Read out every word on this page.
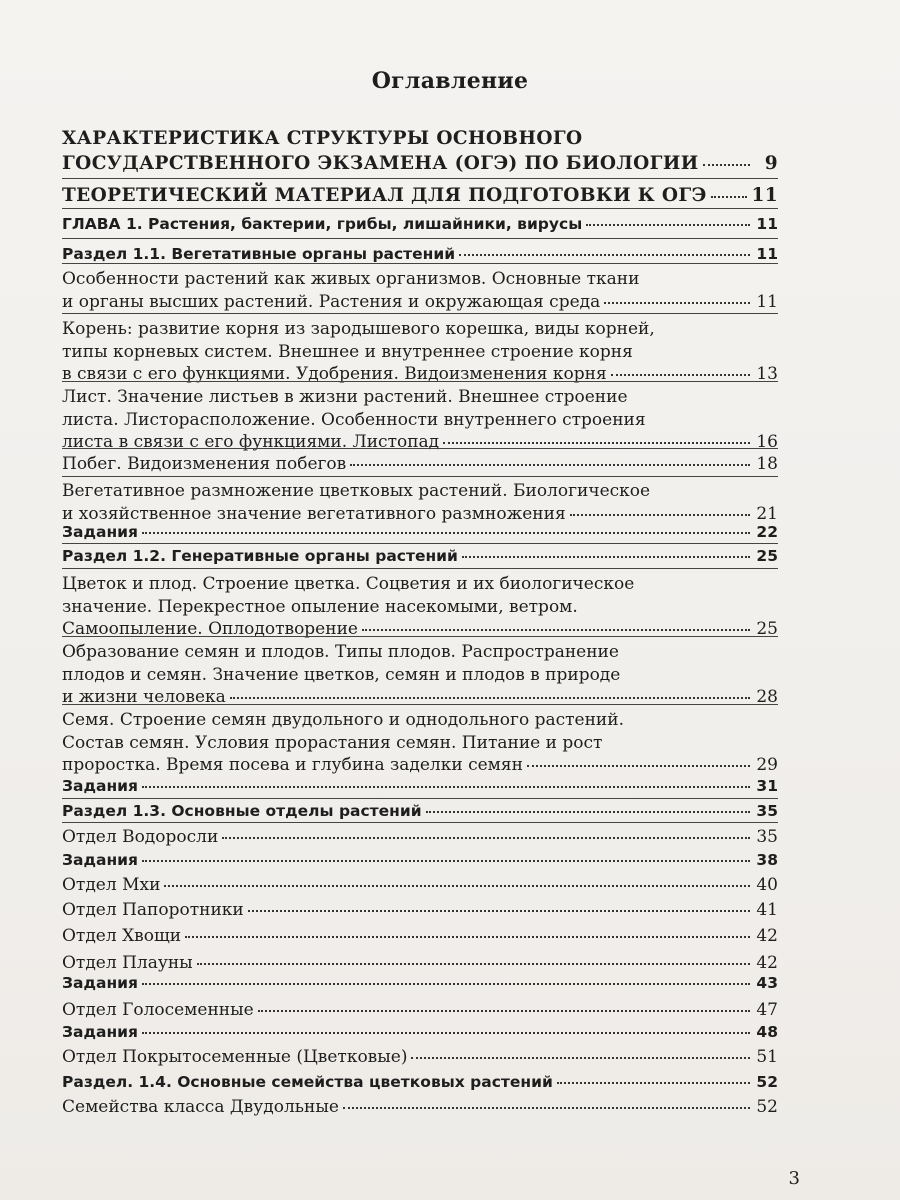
Оглавление
ХАРАКТЕРИСТИКА СТРУКТУРЫ ОСНОВНОГО
ГОСУДАРСТВЕННОГО ЭКЗАМЕНА (ОГЭ) ПО БИОЛОГИИ	9
ТЕОРЕТИЧЕСКИЙ МАТЕРИАЛ ДЛЯ ПОДГОТОВКИ К ОГЭ 11
ГЛАВА 1. Растения, бактерии, грибы, лишайники, вирусы	11
Раздел 1.1. Вегетативные органы растений	11
Особенности растений как живых организмов. Основные ткани
и органы высших растений. Растения и окружающая среда	11
Корень: развитие корня из зародышевого корешка, виды корней,
типы корневых систем. Внешнее и внутреннее строение корня
в связи с его функциями. Удобрения. Видоизменения корня	13
Лист. Значение листьев в жизни растений. Внешнее строение
листа. Листорасположение. Особенности внутреннего строения
листа в связи с его функциями. Листопад	16
Побег. Видоизменения побегов	18
Вегетативное размножение цветковых растений. Биологическое
и хозяйственное значение вегетативного размножения	21
Задания	22
Раздел 1.2. Генеративные органы растений	25
Цветок и плод. Строение цветка. Соцветия и их биологическое
значение. Перекрестное опыление насекомыми, ветром.
Самоопыление. Оплодотворение	25
Образование семян и плодов. Типы плодов. Распространение
плодов и семян. Значение цветков, семян и плодов в природе
и жизни человека	28
Семя. Строение семян двудольного и однодольного растений.
Состав семян. Условия прорастания семян. Питание и рост
проростка. Время посева и глубина заделки семян	29
Задания	31
Раздел 1.3. Основные отделы растений	35
Отдел Водоросли	35
Задания	38
Отдел Мхи	40
Отдел Папоротники	41
Отдел Хвощи	42
Отдел Плауны	42
Задания	43
Отдел Голосеменные	47
Задания	48
Отдел Покрытосеменные (Цветковые)	51
Раздел. 1.4. Основные семейства цветковых растений	52
Семейства класса Двудольные	52
3
